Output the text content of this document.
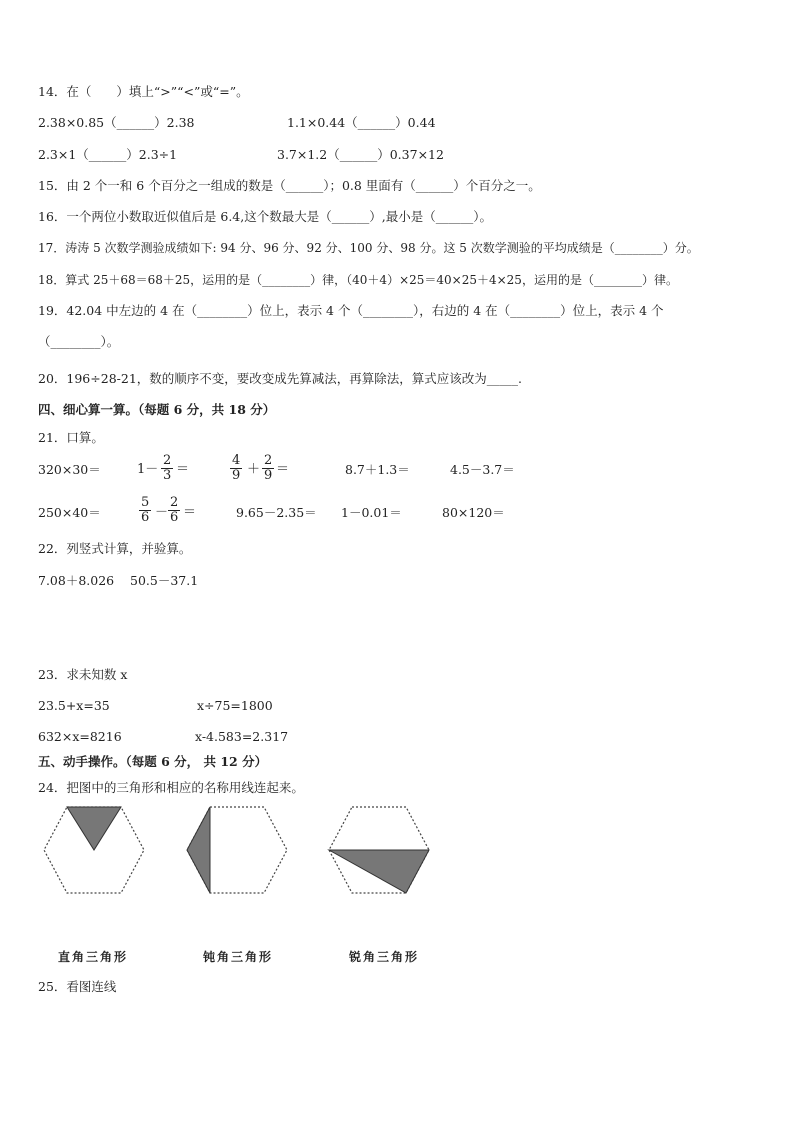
14．在（　　）填上“>”“<”或“=”。
2.38×0.85（______）2.38	1.1×0.44（______）0.44
2.3×1（______）2.3÷1	3.7×1.2（______）0.37×12
15．由 2 个一和 6 个百分之一组成的数是（______）；0.8 里面有（______）个百分之一。
16．一个两位小数取近似值后是 6.4,这个数最大是（______）,最小是（______）。
17．涛涛 5 次数学测验成绩如下: 94 分、96 分、92 分、100 分、98 分。这 5 次数学测验的平均成绩是（________）分。
18．算式 25＋68＝68＋25，运用的是（________）律，（40＋4）×25＝40×25＋4×25，运用的是（________）律。
19．42.04 中左边的 4 在（________）位上，表示 4 个（________），右边的 4 在（________）位上，表示 4 个
（________）。
20．196÷28-21，数的顺序不变，要改变成先算减法，再算除法，算式应该改为_____.
四、细心算一算。（每题 6 分，共 18 分）
21．口算。
320×30＝	$1- \frac{2}{3}$ ＝	$\frac{4}{9} + \frac{2}{9}$ ＝	8.7＋1.3＝	4.5－3.7＝
250×40＝	$\frac{5}{6} - \frac{2}{6}$ ＝	9.65－2.35＝ 1－0.01＝	80×120＝
22．列竖式计算，并验算。
7.08＋8.026 50.5－37.1
23．求未知数 x
23.5+x=35	x÷75=1800
632×x=8216	x-4.583=2.317
五、动手操作。（每题 6 分， 共 12 分）
24．把图中的三角形和相应的名称用线连起来。
直角三角形	钝角三角形	锐角三角形
25．看图连线
